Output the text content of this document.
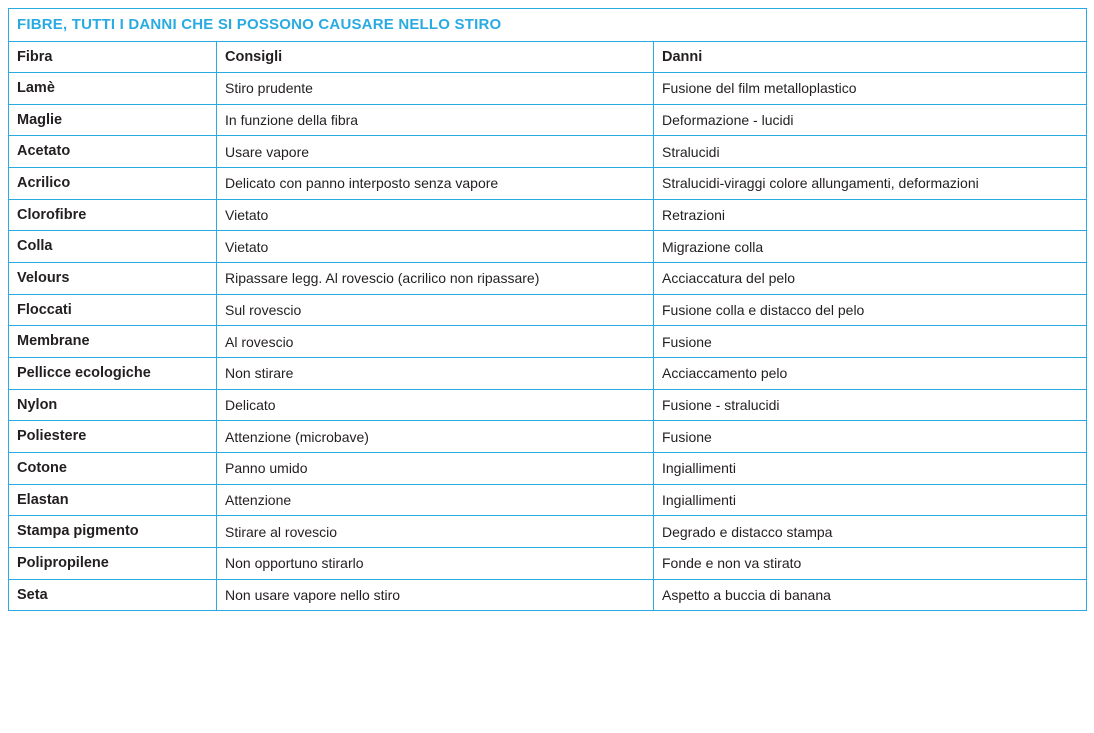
FIBRE, TUTTI I DANNI CHE SI POSSONO CAUSARE NELLO STIRO		
Fibra	Consigli	Danni
Lamè	Stiro prudente	Fusione del film metalloplastico
Maglie	In funzione della fibra	Deformazione - lucidi
Acetato	Usare vapore	Stralucidi
Acrilico	Delicato con panno interposto senza vapore	Stralucidi-viraggi colore allungamenti, deformazioni
Clorofibre	Vietato	Retrazioni
Colla	Vietato	Migrazione colla
Velours	Ripassare legg. Al rovescio (acrilico non ripassare)	Acciaccatura del pelo
Floccati	Sul rovescio	Fusione colla e distacco del pelo
Membrane	Al rovescio	Fusione
Pellicce ecologiche	Non stirare	Acciaccamento pelo
Nylon	Delicato	Fusione - stralucidi
Poliestere	Attenzione (microbave)	Fusione
Cotone	Panno umido	Ingiallimenti
Elastan	Attenzione	Ingiallimenti
Stampa pigmento	Stirare al rovescio	Degrado e distacco stampa
Polipropilene	Non opportuno stirarlo	Fonde e non va stirato
Seta	Non usare vapore nello stiro	Aspetto a buccia di banana
